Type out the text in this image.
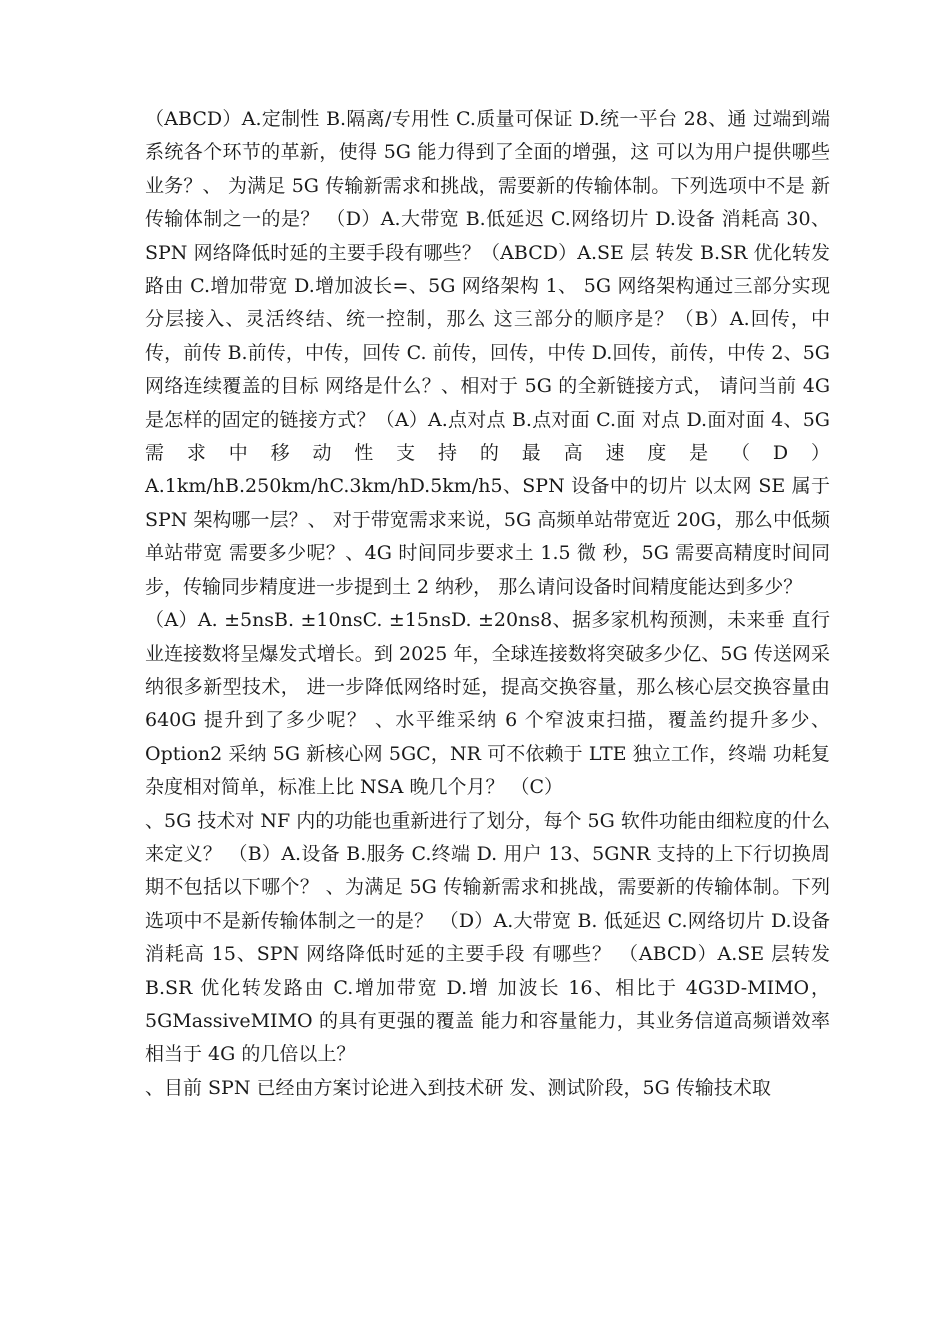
（ABCD）A.定制性 B.隔离/专用性 C.质量可保证 D.统一平台 28、通 过端到端系统各个环节的革新，使得 5G 能力得到了全面的增强，这 可以为用户提供哪些业务？、 为满足 5G 传输新需求和挑战，需要新的传输体制。下列选项中不是 新传输体制之一的是？ （D）A.大带宽 B.低延迟 C.网络切片 D.设备 消耗高 30、SPN 网络降低时延的主要手段有哪些？（ABCD）A.SE 层 转发 B.SR 优化转发路由 C.增加带宽 D.增加波长=、5G 网络架构 1、 5G 网络架构通过三部分实现分层接入、灵活终结、统一控制，那么 这三部分的顺序是？（B）A.回传，中传，前传 B.前传，中传，回传 C. 前传，回传，中传 D.回传，前传，中传 2、5G 网络连续覆盖的目标 网络是什么？、相对于 5G 的全新链接方式， 请问当前 4G 是怎样的固定的链接方式？（A）A.点对点 B.点对面 C.面 对点 D.面对面 4、5G 需求中移动性支持的最高速度是（D）A.1km/hB.250km/hC.3km/hD.5km/h5、SPN 设备中的切片 以太网 SE 属于 SPN 架构哪一层？、 对于带宽需求来说，5G 高频单站带宽近 20G，那么中低频单站带宽 需要多少呢？、4G 时间同步要求土 1.5 微 秒，5G 需要高精度时间同步，传输同步精度进一步提到土 2 纳秒， 那么请问设备时间精度能达到多少？

（A）A. ±5nsB. ±10nsC. ±15nsD. ±20ns8、据多家机构预测，未来垂 直行业连接数将呈爆发式增长。到 2025 年，全球连接数将突破多少亿、5G 传送网采纳很多新型技术， 进一步降低网络时延，提高交换容量，那么核心层交换容量由 640G 提升到了多少呢？ 、水平维采纳 6 个窄波束扫描，覆盖约提升多少、 Option2 采纳 5G 新核心网 5GC，NR 可不依赖于 LTE 独立工作，终端 功耗复杂度相对简单，标准上比 NSA 晚几个月？ （C）

、5G 技术对 NF 内的功能也重新进行了划分，每个 5G 软件功能由细粒度的什么来定义？ （B）A.设备 B.服务 C.终端 D. 用户 13、5GNR 支持的上下行切换周期不包括以下哪个？ 、为满足 5G 传输新需求和挑战，需要新的传输体制。下列选项中不是新传输体制之一的是？ （D）A.大带宽 B. 低延迟 C.网络切片 D.设备消耗高 15、SPN 网络降低时延的主要手段 有哪些？ （ABCD）A.SE 层转发 B.SR 优化转发路由 C.增加带宽 D.增 加波长 16、相比于 4G3D-MIMO，5GMassiveMIMO 的具有更强的覆盖 能力和容量能力，其业务信道高频谱效率相当于 4G 的几倍以上？

、目前 SPN 已经由方案讨论进入到技术研 发、测试阶段，5G 传输技术取
